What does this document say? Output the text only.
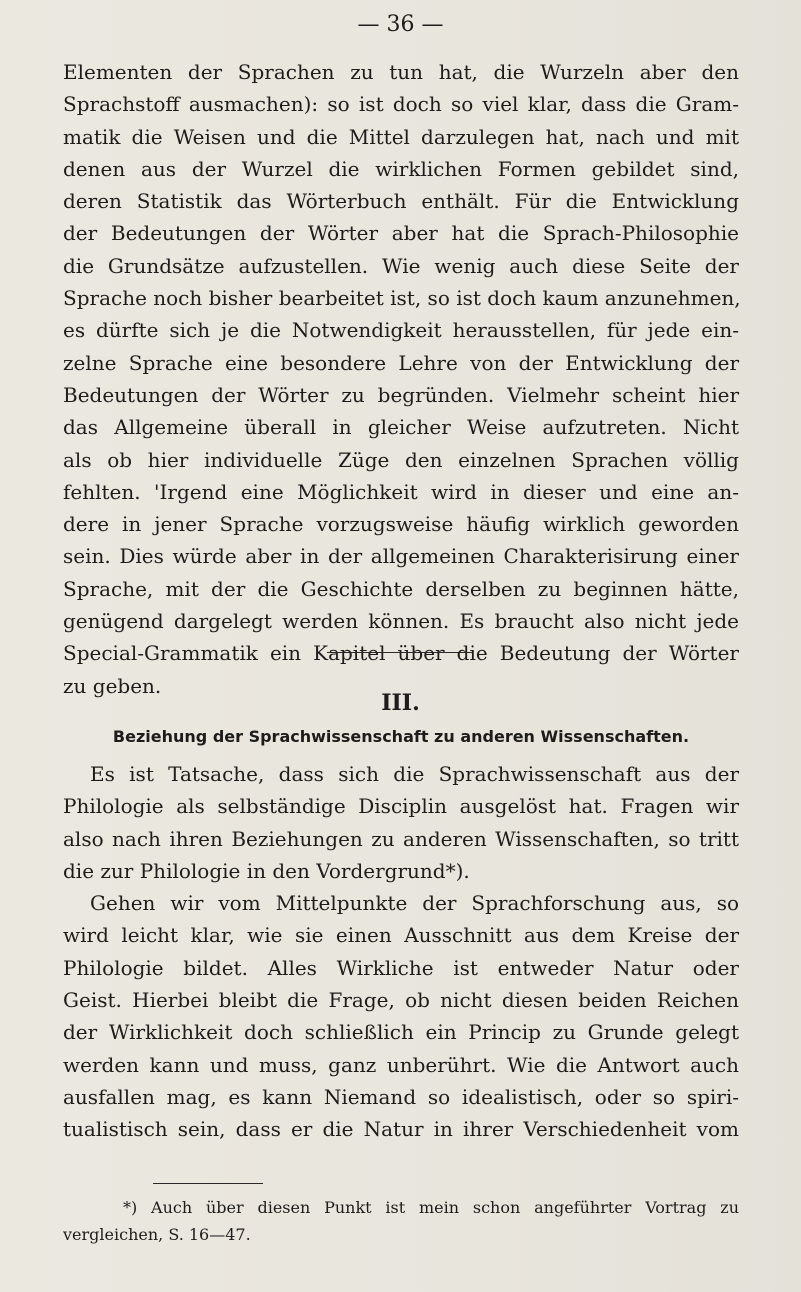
— 36 —
Elementen der Sprachen zu tun hat, die Wurzeln aber den
Sprachstoff ausmachen): so ist doch so viel klar, dass die Gram-
matik die Weisen und die Mittel darzulegen hat, nach und mit
denen aus der Wurzel die wirklichen Formen gebildet sind,
deren Statistik das Wörterbuch enthält. Für die Entwicklung
der Bedeutungen der Wörter aber hat die Sprach-Philosophie
die Grundsätze aufzustellen. Wie wenig auch diese Seite der
Sprache noch bisher bearbeitet ist, so ist doch kaum anzunehmen,
es dürfte sich je die Notwendigkeit herausstellen, für jede ein-
zelne Sprache eine besondere Lehre von der Entwicklung der
Bedeutungen der Wörter zu begründen. Vielmehr scheint hier
das Allgemeine überall in gleicher Weise aufzutreten. Nicht
als ob hier individuelle Züge den einzelnen Sprachen völlig
fehlten. 'Irgend eine Möglichkeit wird in dieser und eine an-
dere in jener Sprache vorzugsweise häufig wirklich geworden
sein. Dies würde aber in der allgemeinen Charakterisirung einer
Sprache, mit der die Geschichte derselben zu beginnen hätte,
genügend dargelegt werden können. Es braucht also nicht jede
Special-Grammatik ein Kapitel über die Bedeutung der Wörter
zu geben.
III.
Beziehung der Sprachwissenschaft zu anderen Wissenschaften.
Es ist Tatsache, dass sich die Sprachwissenschaft aus der
Philologie als selbständige Disciplin ausgelöst hat. Fragen wir
also nach ihren Beziehungen zu anderen Wissenschaften, so tritt
die zur Philologie in den Vordergrund*).
Gehen wir vom Mittelpunkte der Sprachforschung aus, so
wird leicht klar, wie sie einen Ausschnitt aus dem Kreise der
Philologie bildet. Alles Wirkliche ist entweder Natur oder
Geist. Hierbei bleibt die Frage, ob nicht diesen beiden Reichen
der Wirklichkeit doch schließlich ein Princip zu Grunde gelegt
werden kann und muss, ganz unberührt. Wie die Antwort auch
ausfallen mag, es kann Niemand so idealistisch, oder so spiri-
tualistisch sein, dass er die Natur in ihrer Verschiedenheit vom
*) Auch über diesen Punkt ist mein schon angeführter Vortrag zu
vergleichen, S. 16—47.
